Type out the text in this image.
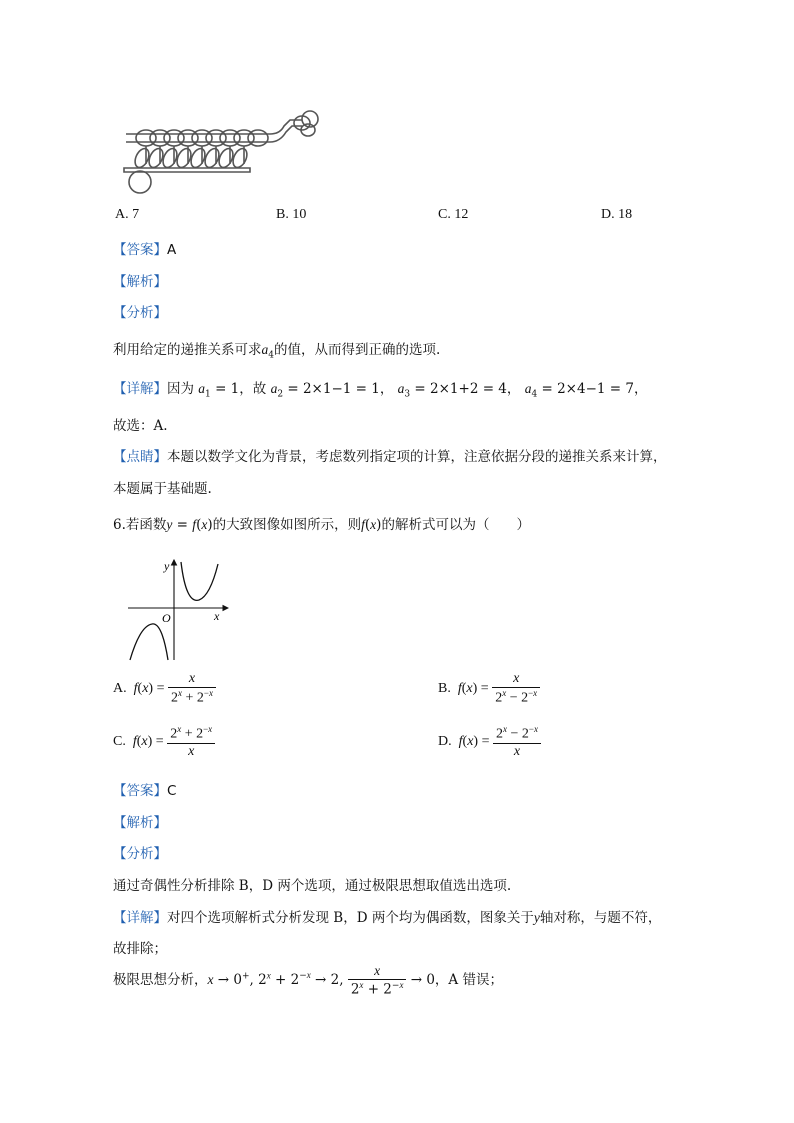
A. 7	B. 10	C. 12	D. 18
【答案】A
【解析】
【分析】
利用给定的递推关系可求$a_4$的值，从而得到正确的选项.
【详解】因为 $a_1 = 1$，故 $a_2 = 2\times 1-1 = 1$， $a_3 = 2\times 1+2 = 4$， $a_4 = 2\times 4-1 = 7$，
故选：A.
【点睛】本题以数学文化为背景，考虑数列指定项的计算，注意依据分段的递推关系来计算，
本题属于基础题.
6.若函数y = f(x)的大致图像如图所示，则f(x)的解析式可以为（　　）
y
x
O
A. $f(x) = \frac{x}{2^x + 2^{-x}}$	B. $f(x) = \frac{x}{2^x - 2^{-x}}$
C. $f(x) = \frac{2^x + 2^{-x}}{x}$	D. $f(x) = \frac{2^x - 2^{-x}}{x}$
【答案】C
【解析】
【分析】
通过奇偶性分析排除 B，D 两个选项，通过极限思想取值选出选项.
【详解】对四个选项解析式分析发现 B，D 两个均为偶函数，图象关于y轴对称，与题不符，
故排除；
极限思想分析，x → 0+, $2^x + 2^{-x} \to 2$, $\frac{x}{2^x + 2^{-x}} \to 0$，A 错误；
